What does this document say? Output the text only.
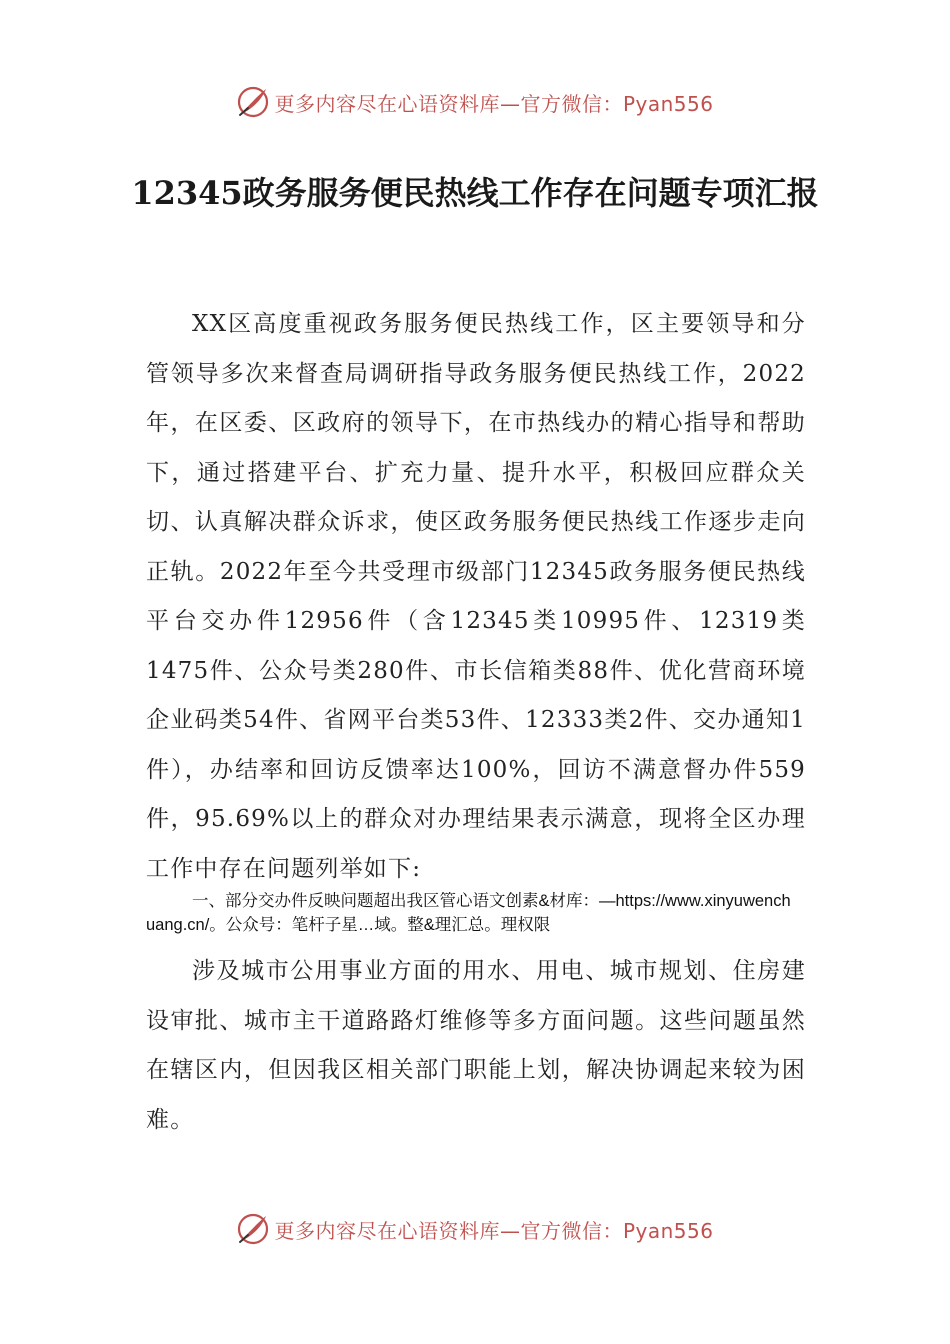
更多内容尽在心语资料库—官方微信：Pyan556
12345政务服务便民热线工作存在问题专项汇报

XX区高度重视政务服务便民热线工作，区主要领导和分管领导多次来督查局调研指导政务服务便民热线工作，2022年，在区委、区政府的领导下，在市热线办的精心指导和帮助下，通过搭建平台、扩充力量、提升水平，积极回应群众关切、认真解决群众诉求，使区政务服务便民热线工作逐步走向正轨。2022年至今共受理市级部门12345政务服务便民热线平台交办件12956件（含12345类10995件、12319类1475件、公众号类280件、市长信箱类88件、优化营商环境企业码类54件、省网平台类53件、12333类2件、交办通知1件），办结率和回访反馈率达100%，回访不满意督办件559件，95.69%以上的群众对办理结果表示满意，现将全区办理工作中存在问题列举如下:

一、部分交办件反映问题超出我区管心语文创素&材库：—https://www.xinyuwenchuang.cn/。公众号：笔杆子星…域。整&理汇总。理权限

涉及城市公用事业方面的用水、用电、城市规划、住房建设审批、城市主干道路路灯维修等多方面问题。这些问题虽然在辖区内，但因我区相关部门职能上划，解决协调起来较为困难。

更多内容尽在心语资料库—官方微信：Pyan556
